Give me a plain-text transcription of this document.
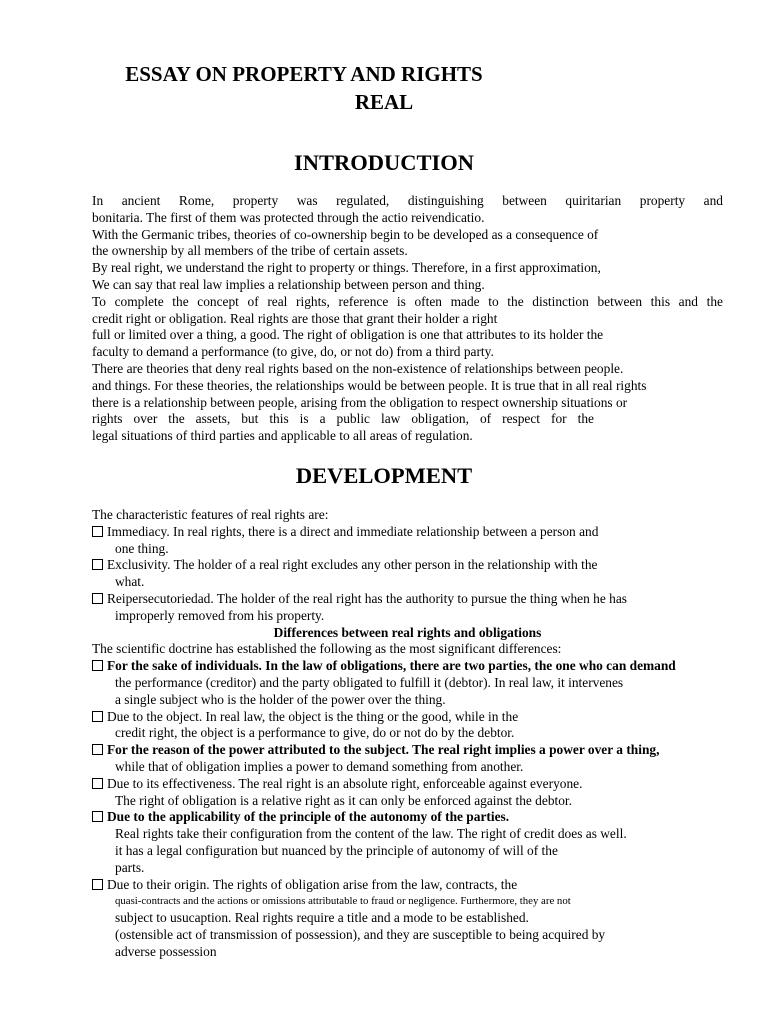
ESSAY ON PROPERTY AND RIGHTS
REAL
INTRODUCTION
In ancient Rome, property was regulated, distinguishing between quiritarian property and
bonitaria. The first of them was protected through the actio reivendicatio.
With the Germanic tribes, theories of co-ownership begin to be developed as a consequence of
the ownership by all members of the tribe of certain assets.
By real right, we understand the right to property or things. Therefore, in a first approximation,
We can say that real law implies a relationship between person and thing.
To complete the concept of real rights, reference is often made to the distinction between this and the
credit right or obligation. Real rights are those that grant their holder a right
full or limited over a thing, a good. The right of obligation is one that attributes to its holder the
faculty to demand a performance (to give, do, or not do) from a third party.
There are theories that deny real rights based on the non-existence of relationships between people.
and things. For these theories, the relationships would be between people. It is true that in all real rights
there is a relationship between people, arising from the obligation to respect ownership situations or
rights over the assets, but this is a public law obligation, of respect for the
legal situations of third parties and applicable to all areas of regulation.
DEVELOPMENT
The characteristic features of real rights are:
Immediacy. In real rights, there is a direct and immediate relationship between a person and
one thing.
Exclusivity. The holder of a real right excludes any other person in the relationship with the
what.
Reipersecutoriedad. The holder of the real right has the authority to pursue the thing when he has
improperly removed from his property.
Differences between real rights and obligations
The scientific doctrine has established the following as the most significant differences:
For the sake of individuals. In the law of obligations, there are two parties, the one who can demand
the performance (creditor) and the party obligated to fulfill it (debtor). In real law, it intervenes
a single subject who is the holder of the power over the thing.
Due to the object. In real law, the object is the thing or the good, while in the
credit right, the object is a performance to give, do or not do by the debtor.
For the reason of the power attributed to the subject. The real right implies a power over a thing,
while that of obligation implies a power to demand something from another.
Due to its effectiveness. The real right is an absolute right, enforceable against everyone.
The right of obligation is a relative right as it can only be enforced against the debtor.
Due to the applicability of the principle of the autonomy of the parties.
Real rights take their configuration from the content of the law. The right of credit does as well.
it has a legal configuration but nuanced by the principle of autonomy of will of the
parts.
Due to their origin. The rights of obligation arise from the law, contracts, the
quasi-contracts and the actions or omissions attributable to fraud or negligence. Furthermore, they are not
subject to usucaption. Real rights require a title and a mode to be established.
(ostensible act of transmission of possession), and they are susceptible to being acquired by
adverse possession
